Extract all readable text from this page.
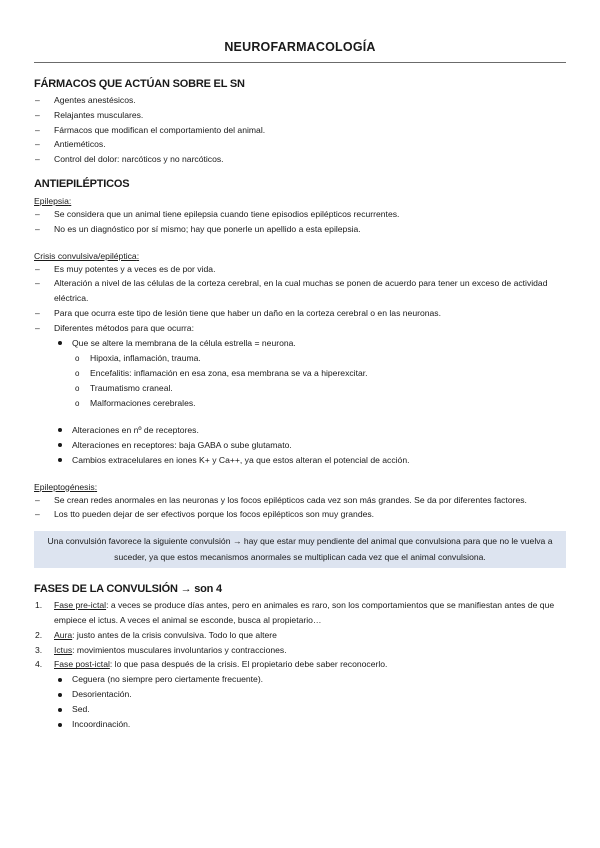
NEUROFARMACOLOGÍA
FÁRMACOS QUE ACTÚAN SOBRE EL SN
– Agentes anestésicos.
– Relajantes musculares.
– Fármacos que modifican el comportamiento del animal.
– Antieméticos.
– Control del dolor: narcóticos y no narcóticos.
ANTIEPILÉPTICOS
Epilepsia:
– Se considera que un animal tiene epilepsia cuando tiene episodios epilépticos recurrentes.
– No es un diagnóstico por sí mismo; hay que ponerle un apellido a esta epilepsia.
Crisis convulsiva/epiléptica:
– Es muy potentes y a veces es de por vida.
– Alteración a nivel de las células de la corteza cerebral, en la cual muchas se ponen de acuerdo para tener un exceso de actividad eléctrica.
– Para que ocurra este tipo de lesión tiene que haber un daño en la corteza cerebral o en las neuronas.
– Diferentes métodos para que ocurra:
Que se altere la membrana de la célula estrella = neurona.
o Hipoxia, inflamación, trauma.
o Encefalitis: inflamación en esa zona, esa membrana se va a hiperexcitar.
o Traumatismo craneal.
o Malformaciones cerebrales.
Alteraciones en nº de receptores.
Alteraciones en receptores: baja GABA o sube glutamato.
Cambios extracelulares en iones K+ y Ca++, ya que estos alteran el potencial de acción.
Epileptogénesis:
– Se crean redes anormales en las neuronas y los focos epilépticos cada vez son más grandes. Se da por diferentes factores.
– Los tto pueden dejar de ser efectivos porque los focos epilépticos son muy grandes.
Una convulsión favorece la siguiente convulsión → hay que estar muy pendiente del animal que convulsiona para que no le vuelva a suceder, ya que estos mecanismos anormales se multiplican cada vez que el animal convulsiona.
FASES DE LA CONVULSIÓN → son 4
1. Fase pre-ictal: a veces se produce días antes, pero en animales es raro, son los comportamientos que se manifiestan antes de que empiece el ictus. A veces el animal se esconde, busca al propietario…
2. Aura: justo antes de la crisis convulsiva. Todo lo que altere
3. Ictus: movimientos musculares involuntarios y contracciones.
4. Fase post-ictal: lo que pasa después de la crisis. El propietario debe saber reconocerlo.
Ceguera (no siempre pero ciertamente frecuente).
Desorientación.
Sed.
Incoordinación.
